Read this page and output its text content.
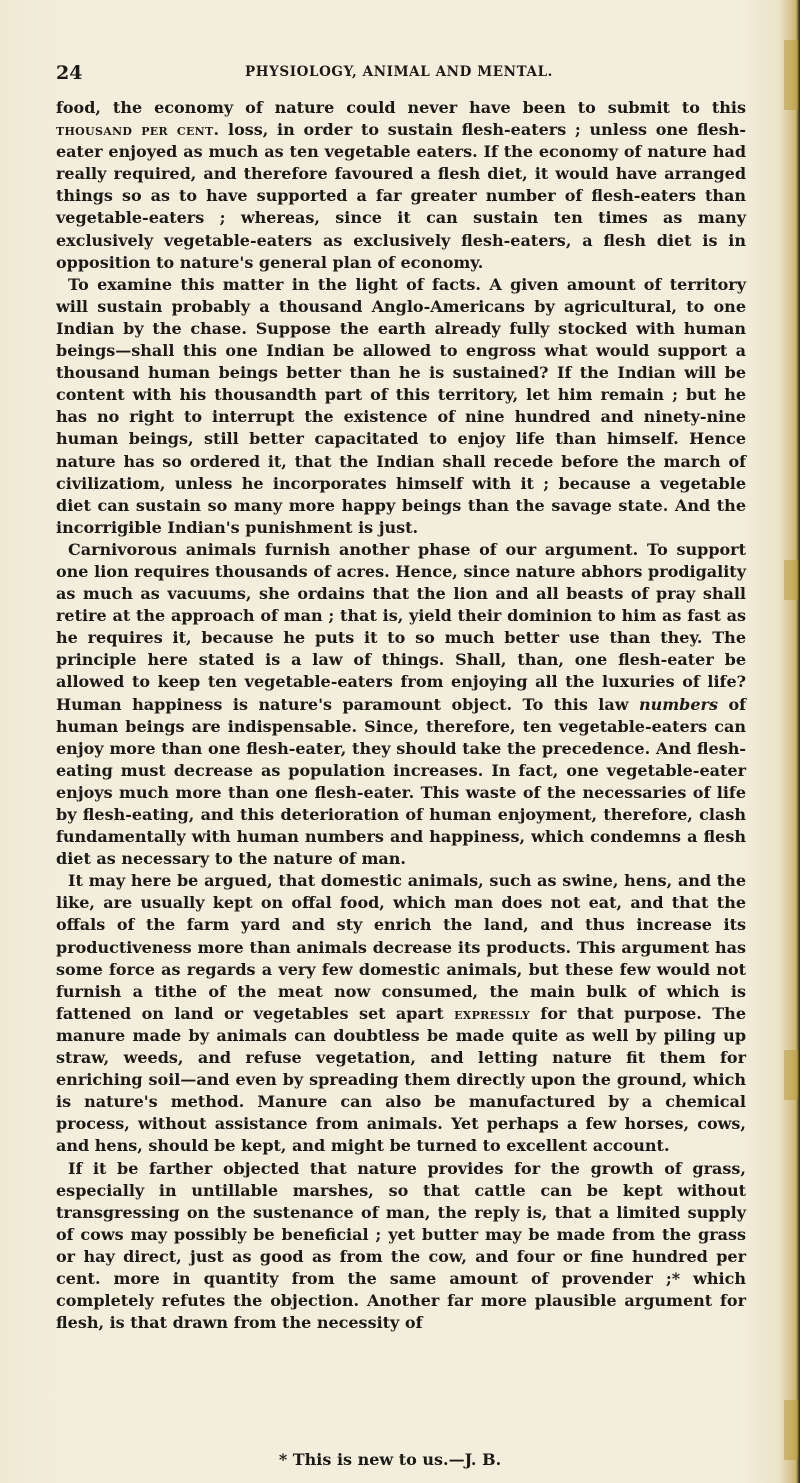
24	PHYSIOLOGY, ANIMAL AND MENTAL.

food, the economy of nature could never have been to submit to this thousand per cent. loss, in order to sustain flesh-eaters ; unless one flesh-eater enjoyed as much as ten vegetable eaters. If the economy of nature had really required, and therefore favoured a flesh diet, it would have arranged things so as to have supported a far greater number of flesh-eaters than vegetable-eaters ; whereas, since it can sustain ten times as many exclusively vegetable-eaters as exclusively flesh-eaters, a flesh diet is in opposition to nature's general plan of economy.

To examine this matter in the light of facts. A given amount of territory will sustain probably a thousand Anglo-Americans by agricultural, to one Indian by the chase. Suppose the earth already fully stocked with human beings—shall this one Indian be allowed to engross what would support a thousand human beings better than he is sustained? If the Indian will be content with his thousandth part of this territory, let him remain ; but he has no right to interrupt the existence of nine hundred and ninety-nine human beings, still better capacitated to enjoy life than himself. Hence nature has so ordered it, that the Indian shall recede before the march of civilizatiom, unless he incorporates himself with it ; because a vegetable diet can sustain so many more happy beings than the savage state. And the incorrigible Indian's punishment is just.

Carnivorous animals furnish another phase of our argument. To support one lion requires thousands of acres. Hence, since nature abhors prodigality as much as vacuums, she ordains that the lion and all beasts of pray shall retire at the approach of man ; that is, yield their dominion to him as fast as he requires it, because he puts it to so much better use than they. The principle here stated is a law of things. Shall, than, one flesh-eater be allowed to keep ten vegetable-eaters from enjoying all the luxuries of life? Human happiness is nature's paramount object. To this law numbers of human beings are indispensable. Since, therefore, ten vegetable-eaters can enjoy more than one flesh-eater, they should take the precedence. And flesh-eating must decrease as population increases. In fact, one vegetable-eater enjoys much more than one flesh-eater. This waste of the necessaries of life by flesh-eating, and this deterioration of human enjoyment, therefore, clash fundamentally with human numbers and happiness, which condemns a flesh diet as necessary to the nature of man.

It may here be argued, that domestic animals, such as swine, hens, and the like, are usually kept on offal food, which man does not eat, and that the offals of the farm yard and sty enrich the land, and thus increase its productiveness more than animals decrease its products. This argument has some force as regards a very few domestic animals, but these few would not furnish a tithe of the meat now consumed, the main bulk of which is fattened on land or vegetables set apart expressly for that purpose. The manure made by animals can doubtless be made quite as well by piling up straw, weeds, and refuse vegetation, and letting nature fit them for enriching soil—and even by spreading them directly upon the ground, which is nature's method. Manure can also be manufactured by a chemical process, without assistance from animals. Yet perhaps a few horses, cows, and hens, should be kept, and might be turned to excellent account.

If it be farther objected that nature provides for the growth of grass, especially in untillable marshes, so that cattle can be kept without transgressing on the sustenance of man, the reply is, that a limited supply of cows may possibly be beneficial ; yet butter may be made from the grass or hay direct, just as good as from the cow, and four or fine hundred per cent. more in quantity from the same amount of provender ;* which completely refutes the objection. Another far more plausible argument for flesh, is that drawn from the necessity of

* This is new to us.—J. B.
